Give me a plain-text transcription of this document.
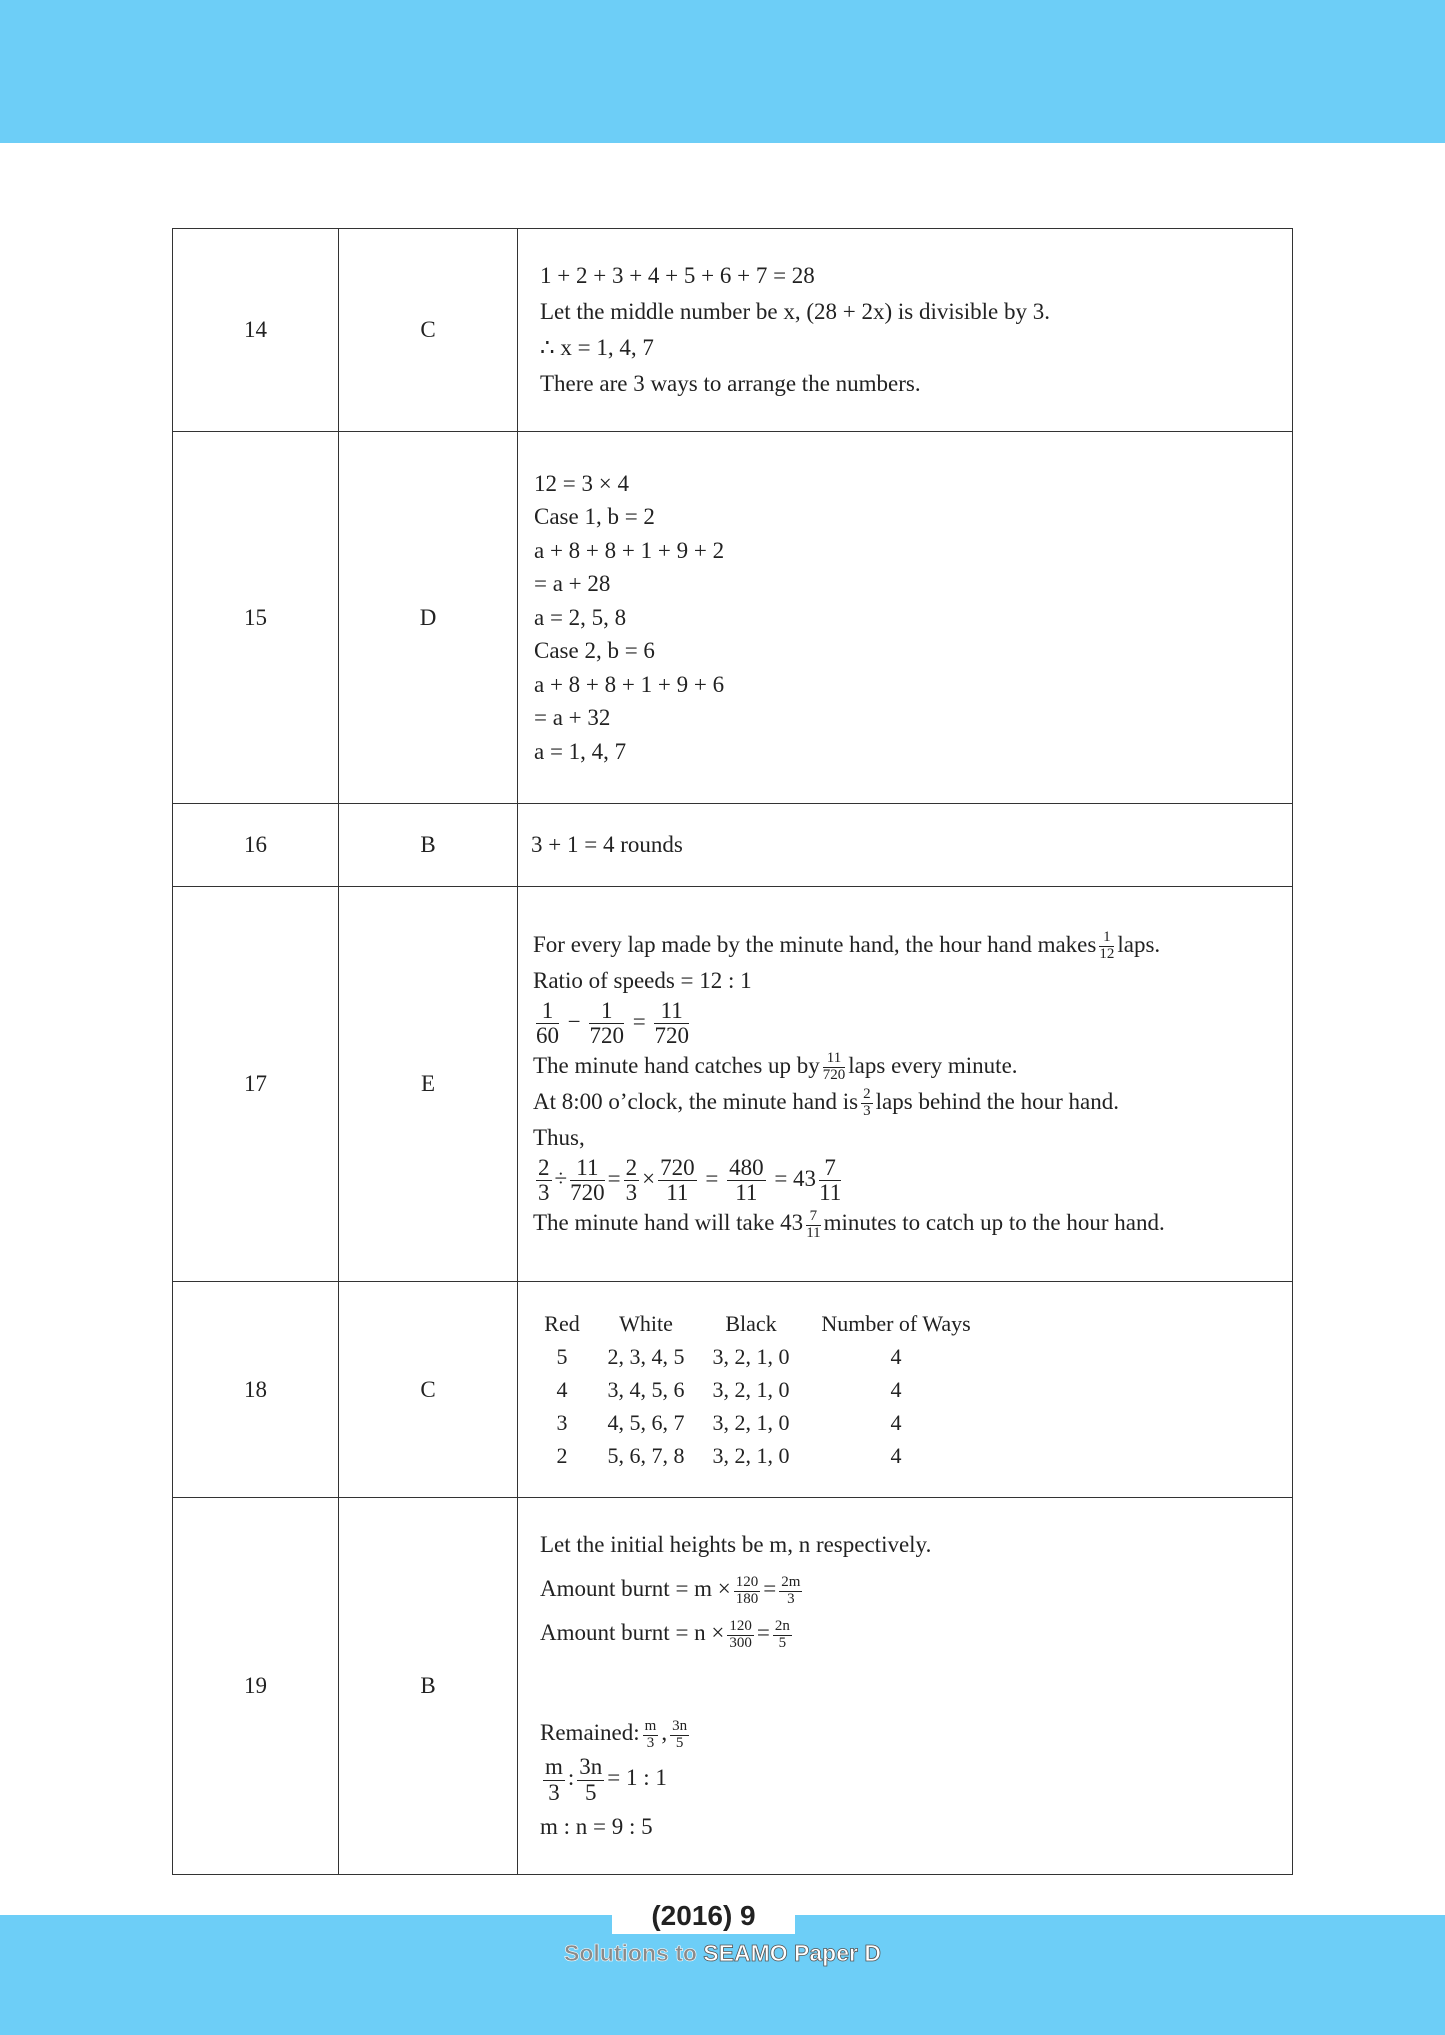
14	C	
1 + 2 + 3 + 4 + 5 + 6 + 7 = 28
Let the middle number be x, (28 + 2x) is divisible by 3.
∴ x = 1, 4, 7
There are 3 ways to arrange the numbers.

15	D	
12 = 3 × 4
Case 1, b = 2
a + 8 + 8 + 1 + 9 + 2
= a + 28
a = 2, 5, 8
Case 2, b = 6
a + 8 + 8 + 1 + 9 + 6
= a + 32
a = 1, 4, 7

16	B	3 + 1 = 4 rounds

17	E	
For every lap made by the minute hand, the hour hand makes $\frac{1}{12}$ laps.
Ratio of speeds = 12 : 1
$\frac{1}{60} - \frac{1}{720} = \frac{11}{720}$
The minute hand catches up by $\frac{11}{720}$ laps every minute.
At 8:00 o’clock, the minute hand is $\frac{2}{3}$ laps behind the hour hand.
Thus,
$\frac{2}{3} \div \frac{11}{720} = \frac{2}{3} \times \frac{720}{11} = \frac{480}{11} = 43 \frac{7}{11}$
The minute hand will take $43 \frac{7}{11}$ minutes to catch up to the hour hand.

18	C	
Red	White	Black	Number of Ways
5	2, 3, 4, 5	3, 2, 1, 0	4
4	3, 4, 5, 6	3, 2, 1, 0	4
3	4, 5, 6, 7	3, 2, 1, 0	4
2	5, 6, 7, 8	3, 2, 1, 0	4

19	B	
Let the initial heights be m, n respectively.
Amount burnt = $m \times \frac{120}{180} = \frac{2m}{3}$
Amount burnt = $n \times \frac{120}{300} = \frac{2n}{5}$
Remained: $\frac{m}{3}$ , $\frac{3n}{5}$
$\frac{m}{3}$ : $\frac{3n}{5} = 1$ : 1
m : n = 9 : 5
(2016) 9
Solutions to SEAMO Paper D
